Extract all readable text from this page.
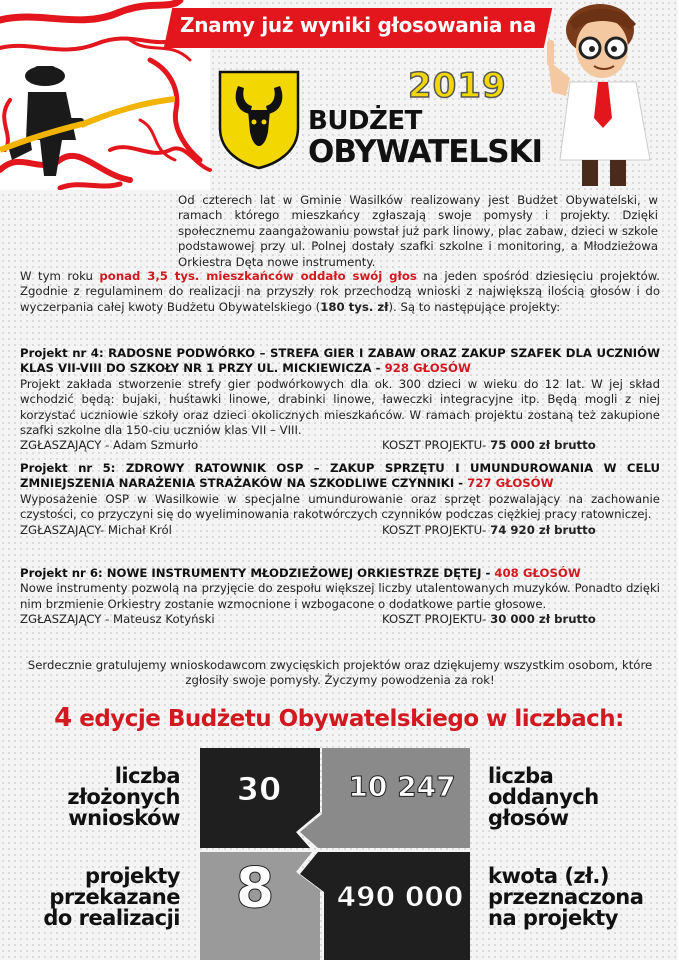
Znamy już wyniki głosowania na
2019
BUDŻET
OBYWATELSKI
Od czterech lat w Gminie Wasilków realizowany jest Budżet Obywatelski, w ramach którego mieszkańcy zgłaszają swoje pomysły i projekty. Dzięki społecznemu zaangażowaniu powstał już park linowy, plac zabaw, dzieci w szkole podstawowej przy ul. Polnej dostały szafki szkolne i monitoring, a Młodzieżowa Orkiestra Dęta nowe instrumenty.
W tym roku ponad 3,5 tys. mieszkańców oddało swój głos na jeden spośród dziesięciu projektów. Zgodnie z regulaminem do realizacji na przyszły rok przechodzą wnioski z największą ilością głosów i do wyczerpania całej kwoty Budżetu Obywatelskiego (180 tys. zł). Są to następujące projekty:
Projekt nr 4: RADOSNE PODWÓRKO – STREFA GIER I ZABAW ORAZ ZAKUP SZAFEK DLA UCZNIÓW KLAS VII-VIII DO SZKOŁY NR 1 PRZY UL. MICKIEWICZA - 928 GŁOSÓW
Projekt zakłada stworzenie strefy gier podwórkowych dla ok. 300 dzieci w wieku do 12 lat. W jej skład wchodzić będą: bujaki, huśtawki linowe, drabinki linowe, ławeczki integracyjne itp. Będą mogli z niej korzystać uczniowie szkoły oraz dzieci okolicznych mieszkańców. W ramach projektu zostaną też zakupione szafki szkolne dla 150-ciu uczniów klas VII – VIII.
ZGŁASZAJĄCY - Adam Szmurło	KOSZT PROJEKTU- 75 000 zł brutto
Projekt nr 5: ZDROWY RATOWNIK OSP – ZAKUP SPRZĘTU I UMUNDUROWANIA W CELU ZMNIEJSZENIA NARAŻENIA STRAŻAKÓW NA SZKODLIWE CZYNNIKI - 727 GŁOSÓW
Wyposażenie OSP w Wasilkowie w specjalne umundurowanie oraz sprzęt pozwalający na zachowanie czystości, co przyczyni się do wyeliminowania rakotwórczych czynników podczas ciężkiej pracy ratowniczej.
ZGŁASZAJĄCY- Michał Król	KOSZT PROJEKTU- 74 920 zł brutto
Projekt nr 6: NOWE INSTRUMENTY MŁODZIEŻOWEJ ORKIESTRZE DĘTEJ - 408 GŁOSÓW
Nowe instrumenty pozwolą na przyjęcie do zespołu większej liczby utalentowanych muzyków. Ponadto dzięki nim brzmienie Orkiestry zostanie wzmocnione i wzbogacone o dodatkowe partie głosowe.
ZGŁASZAJĄCY - Mateusz Kotyński	KOSZT PROJEKTU- 30 000 zł brutto
Serdecznie gratulujemy wnioskodawcom zwycięskich projektów oraz dziękujemy wszystkim osobom, które zgłosiły swoje pomysły. Życzymy powodzenia za rok!
4 edycje Budżetu Obywatelskiego w liczbach:
30	10 247
8	490 000
liczba
złożonych
wniosków
projekty
przekazane
do realizacji
liczba
oddanych
głosów
kwota (zł.)
przeznaczona
na projekty
